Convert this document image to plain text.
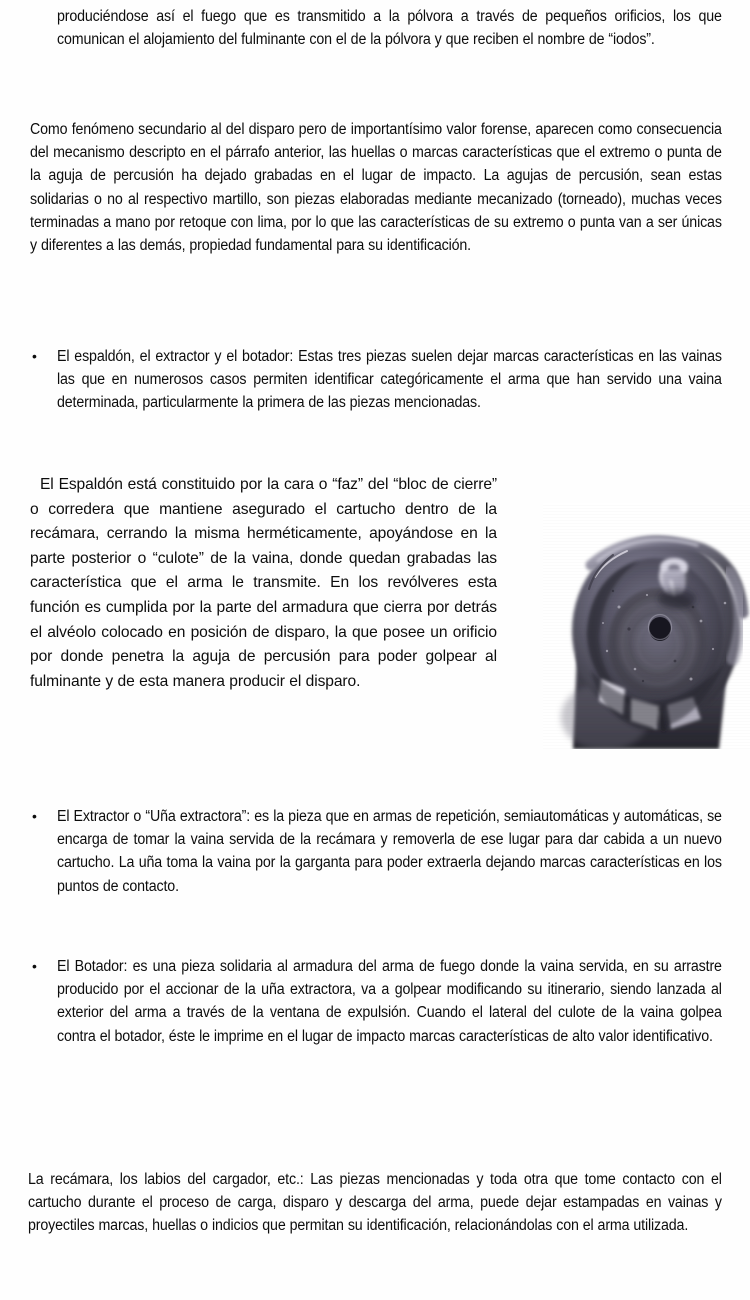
produciéndose así el fuego que es transmitido a la pólvora a través de pequeños orificios, los que comunican el alojamiento del fulminante con el de la pólvora y que reciben el nombre de “iodos”.
Como fenómeno secundario al del disparo pero de importantísimo valor forense, aparecen como consecuencia del mecanismo descripto en el párrafo anterior, las huellas o marcas características que el extremo o punta de la aguja de percusión ha dejado grabadas en el lugar de impacto. La agujas de percusión, sean estas solidarias o no al respectivo martillo, son piezas elaboradas mediante mecanizado (torneado), muchas veces terminadas a mano por retoque con lima, por lo que las características de su extremo o punta van a ser únicas y diferentes a las demás, propiedad fundamental para su identificación.
• El espaldón, el extractor y el botador: Estas tres piezas suelen dejar marcas características en las vainas las que en numerosos casos permiten identificar categóricamente el arma que han servido una vaina determinada, particularmente la primera de las piezas mencionadas.
El Espaldón está constituido por la cara o “faz” del “bloc de cierre” o corredera que mantiene asegurado el cartucho dentro de la recámara, cerrando la misma herméticamente, apoyándose en la parte posterior o “culote” de la vaina, donde quedan grabadas las característica que el arma le transmite. En los revólveres esta función es cumplida por la parte del armadura que cierra por detrás el alvéolo colocado en posición de disparo, la que posee un orificio por donde penetra la aguja de percusión para poder golpear al fulminante y de esta manera producir el disparo.
• El Extractor o “Uña extractora”: es la pieza que en armas de repetición, semiautomáticas y automáticas, se encarga de tomar la vaina servida de la recámara y removerla de ese lugar para dar cabida a un nuevo cartucho. La uña toma la vaina por la garganta para poder extraerla dejando marcas características en los puntos de contacto.
• El Botador: es una pieza solidaria al armadura del arma de fuego donde la vaina servida, en su arrastre producido por el accionar de la uña extractora, va a golpear modificando su itinerario, siendo lanzada al exterior del arma a través de la ventana de expulsión. Cuando el lateral del culote de la vaina golpea contra el botador, éste le imprime en el lugar de impacto marcas características de alto valor identificativo.
La recámara, los labios del cargador, etc.: Las piezas mencionadas y toda otra que tome contacto con el cartucho durante el proceso de carga, disparo y descarga del arma, puede dejar estampadas en vainas y proyectiles marcas, huellas o indicios que permitan su identificación, relacionándolas con el arma utilizada.
